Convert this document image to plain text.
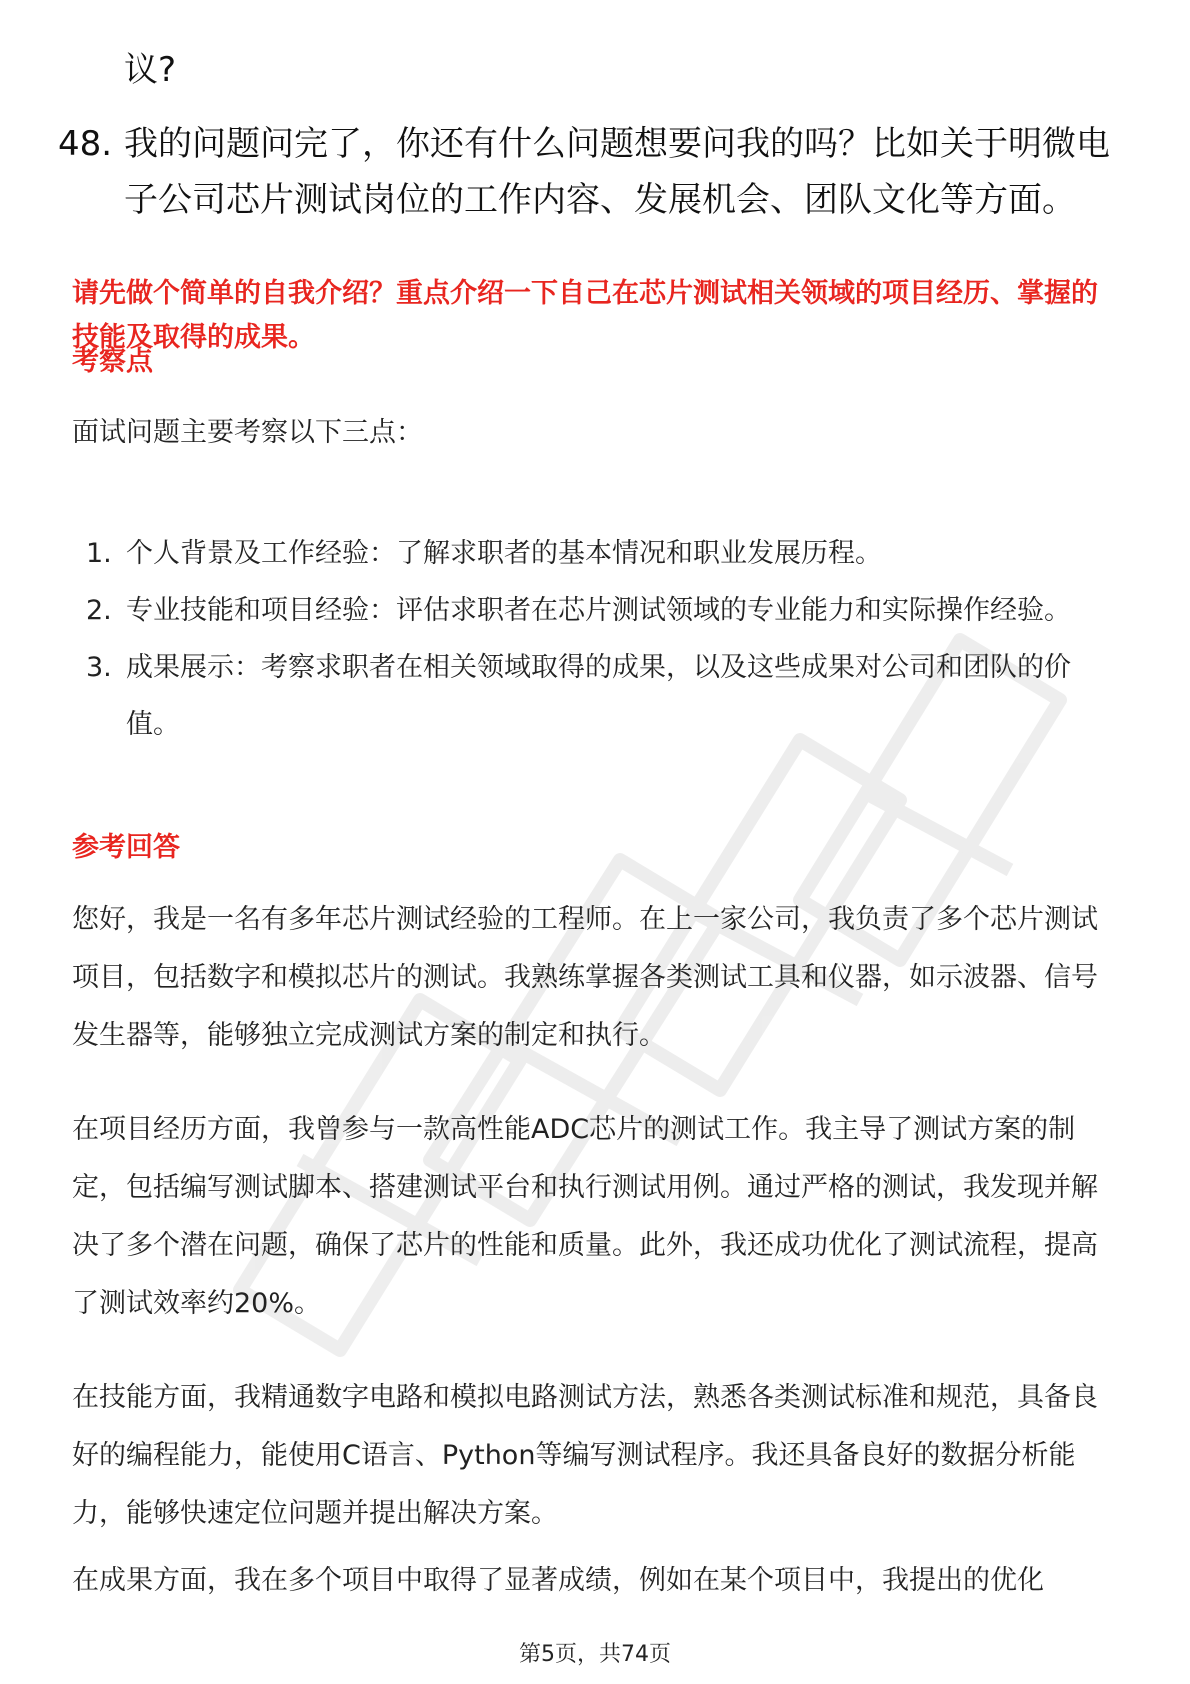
议?

48. 我的问题问完了，你还有什么问题想要问我的吗？比如关于明微电子公司芯片测试岗位的工作内容、发展机会、团队文化等方面。

请先做个简单的自我介绍？重点介绍一下自己在芯片测试相关领域的项目经历、掌握的技能及取得的成果。

考察点

面试问题主要考察以下三点：

1. 个人背景及工作经验：了解求职者的基本情况和职业发展历程。
2. 专业技能和项目经验：评估求职者在芯片测试领域的专业能力和实际操作经验。
3. 成果展示：考察求职者在相关领域取得的成果，以及这些成果对公司和团队的价值。

参考回答

您好，我是一名有多年芯片测试经验的工程师。在上一家公司，我负责了多个芯片测试项目，包括数字和模拟芯片的测试。我熟练掌握各类测试工具和仪器，如示波器、信号发生器等，能够独立完成测试方案的制定和执行。

在项目经历方面，我曾参与一款高性能ADC芯片的测试工作。我主导了测试方案的制定，包括编写测试脚本、搭建测试平台和执行测试用例。通过严格的测试，我发现并解决了多个潜在问题，确保了芯片的性能和质量。此外，我还成功优化了测试流程，提高了测试效率约20%。

在技能方面，我精通数字电路和模拟电路测试方法，熟悉各类测试标准和规范，具备良好的编程能力，能使用C语言、Python等编写测试程序。我还具备良好的数据分析能力，能够快速定位问题并提出解决方案。

在成果方面，我在多个项目中取得了显著成绩，例如在某个项目中，我提出的优化

第5页，共74页
